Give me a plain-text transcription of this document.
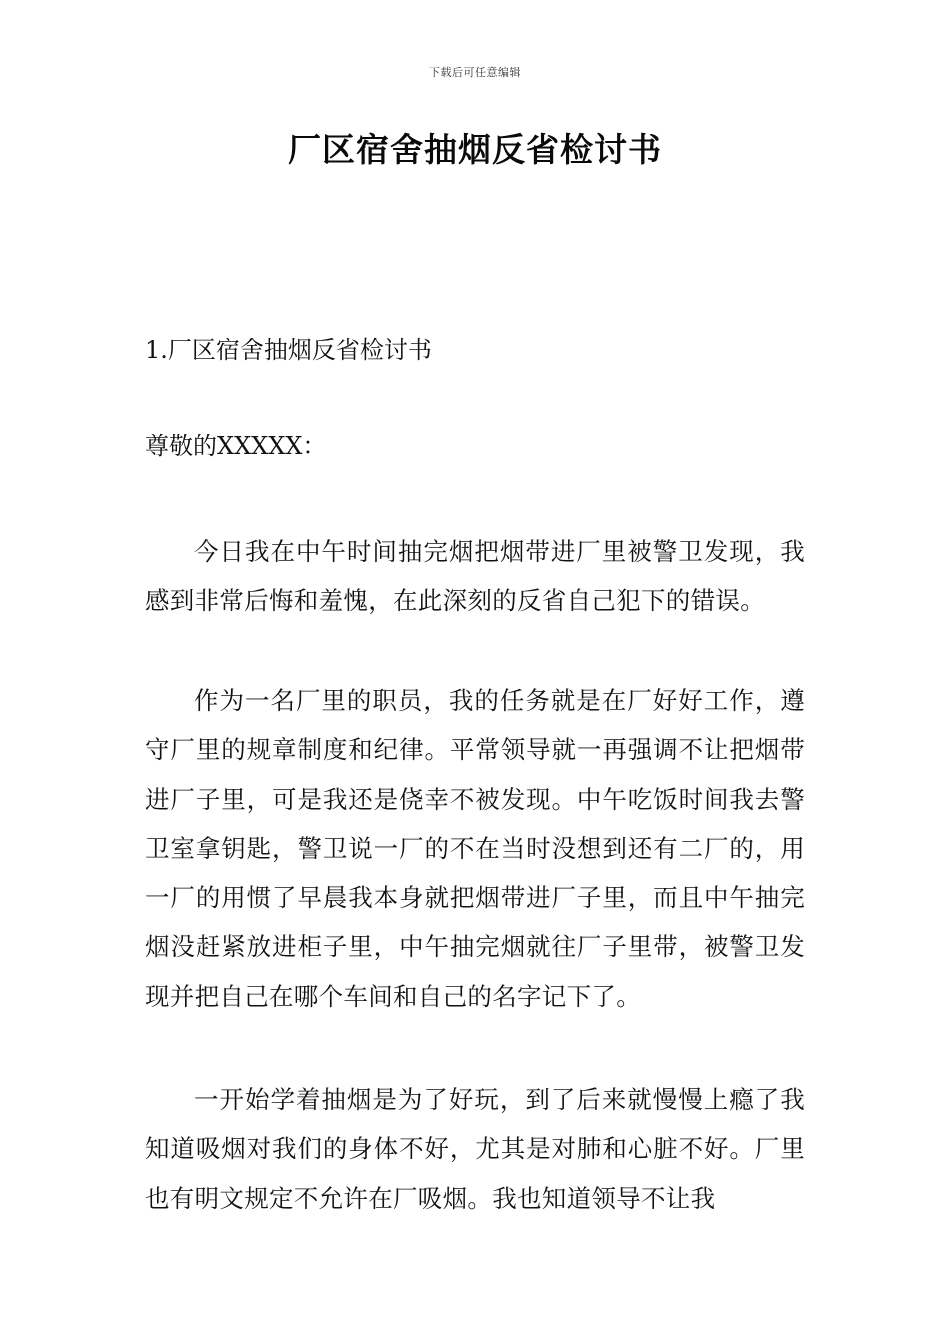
下载后可任意编辑
厂区宿舍抽烟反省检讨书

1.厂区宿舍抽烟反省检讨书

尊敬的XXXXX：

今日我在中午时间抽完烟把烟带进厂里被警卫发现，我感到非常后悔和羞愧，在此深刻的反省自己犯下的错误。

作为一名厂里的职员，我的任务就是在厂好好工作，遵守厂里的规章制度和纪律。平常领导就一再强调不让把烟带进厂子里，可是我还是侥幸不被发现。中午吃饭时间我去警卫室拿钥匙，警卫说一厂的不在当时没想到还有二厂的，用一厂的用惯了早晨我本身就把烟带进厂子里，而且中午抽完烟没赶紧放进柜子里，中午抽完烟就往厂子里带，被警卫发现并把自己在哪个车间和自己的名字记下了。

一开始学着抽烟是为了好玩，到了后来就慢慢上瘾了我知道吸烟对我们的身体不好，尤其是对肺和心脏不好。厂里也有明文规定不允许在厂吸烟。我也知道领导不让我
